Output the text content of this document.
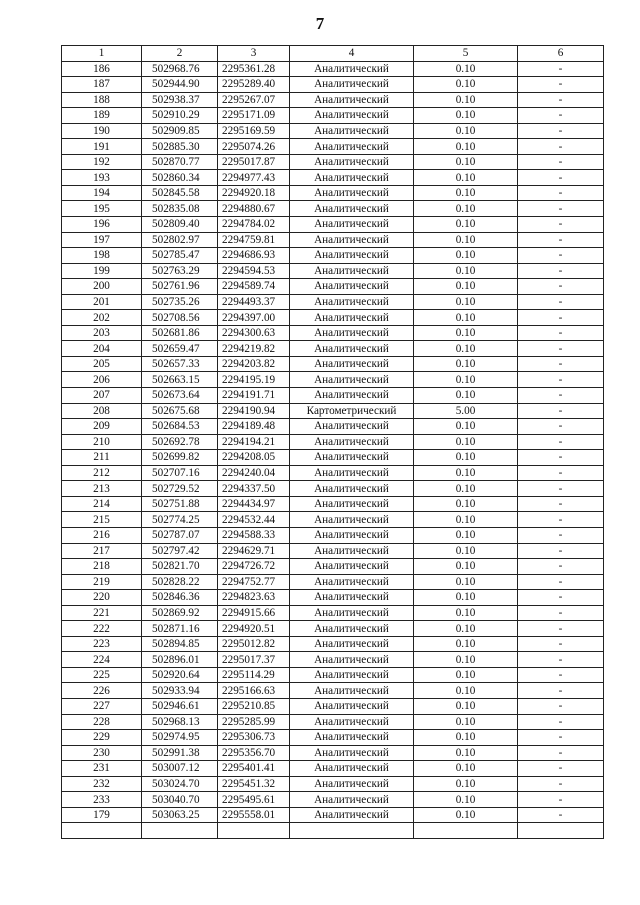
7
1	2	3	4	5	6
186	502968.76	2295361.28	Аналитический	0.10	-
187	502944.90	2295289.40	Аналитический	0.10	-
188	502938.37	2295267.07	Аналитический	0.10	-
189	502910.29	2295171.09	Аналитический	0.10	-
190	502909.85	2295169.59	Аналитический	0.10	-
191	502885.30	2295074.26	Аналитический	0.10	-
192	502870.77	2295017.87	Аналитический	0.10	-
193	502860.34	2294977.43	Аналитический	0.10	-
194	502845.58	2294920.18	Аналитический	0.10	-
195	502835.08	2294880.67	Аналитический	0.10	-
196	502809.40	2294784.02	Аналитический	0.10	-
197	502802.97	2294759.81	Аналитический	0.10	-
198	502785.47	2294686.93	Аналитический	0.10	-
199	502763.29	2294594.53	Аналитический	0.10	-
200	502761.96	2294589.74	Аналитический	0.10	-
201	502735.26	2294493.37	Аналитический	0.10	-
202	502708.56	2294397.00	Аналитический	0.10	-
203	502681.86	2294300.63	Аналитический	0.10	-
204	502659.47	2294219.82	Аналитический	0.10	-
205	502657.33	2294203.82	Аналитический	0.10	-
206	502663.15	2294195.19	Аналитический	0.10	-
207	502673.64	2294191.71	Аналитический	0.10	-
208	502675.68	2294190.94	Картометрический	5.00	-
209	502684.53	2294189.48	Аналитический	0.10	-
210	502692.78	2294194.21	Аналитический	0.10	-
211	502699.82	2294208.05	Аналитический	0.10	-
212	502707.16	2294240.04	Аналитический	0.10	-
213	502729.52	2294337.50	Аналитический	0.10	-
214	502751.88	2294434.97	Аналитический	0.10	-
215	502774.25	2294532.44	Аналитический	0.10	-
216	502787.07	2294588.33	Аналитический	0.10	-
217	502797.42	2294629.71	Аналитический	0.10	-
218	502821.70	2294726.72	Аналитический	0.10	-
219	502828.22	2294752.77	Аналитический	0.10	-
220	502846.36	2294823.63	Аналитический	0.10	-
221	502869.92	2294915.66	Аналитический	0.10	-
222	502871.16	2294920.51	Аналитический	0.10	-
223	502894.85	2295012.82	Аналитический	0.10	-
224	502896.01	2295017.37	Аналитический	0.10	-
225	502920.64	2295114.29	Аналитический	0.10	-
226	502933.94	2295166.63	Аналитический	0.10	-
227	502946.61	2295210.85	Аналитический	0.10	-
228	502968.13	2295285.99	Аналитический	0.10	-
229	502974.95	2295306.73	Аналитический	0.10	-
230	502991.38	2295356.70	Аналитический	0.10	-
231	503007.12	2295401.41	Аналитический	0.10	-
232	503024.70	2295451.32	Аналитический	0.10	-
233	503040.70	2295495.61	Аналитический	0.10	-
179	503063.25	2295558.01	Аналитический	0.10	-
